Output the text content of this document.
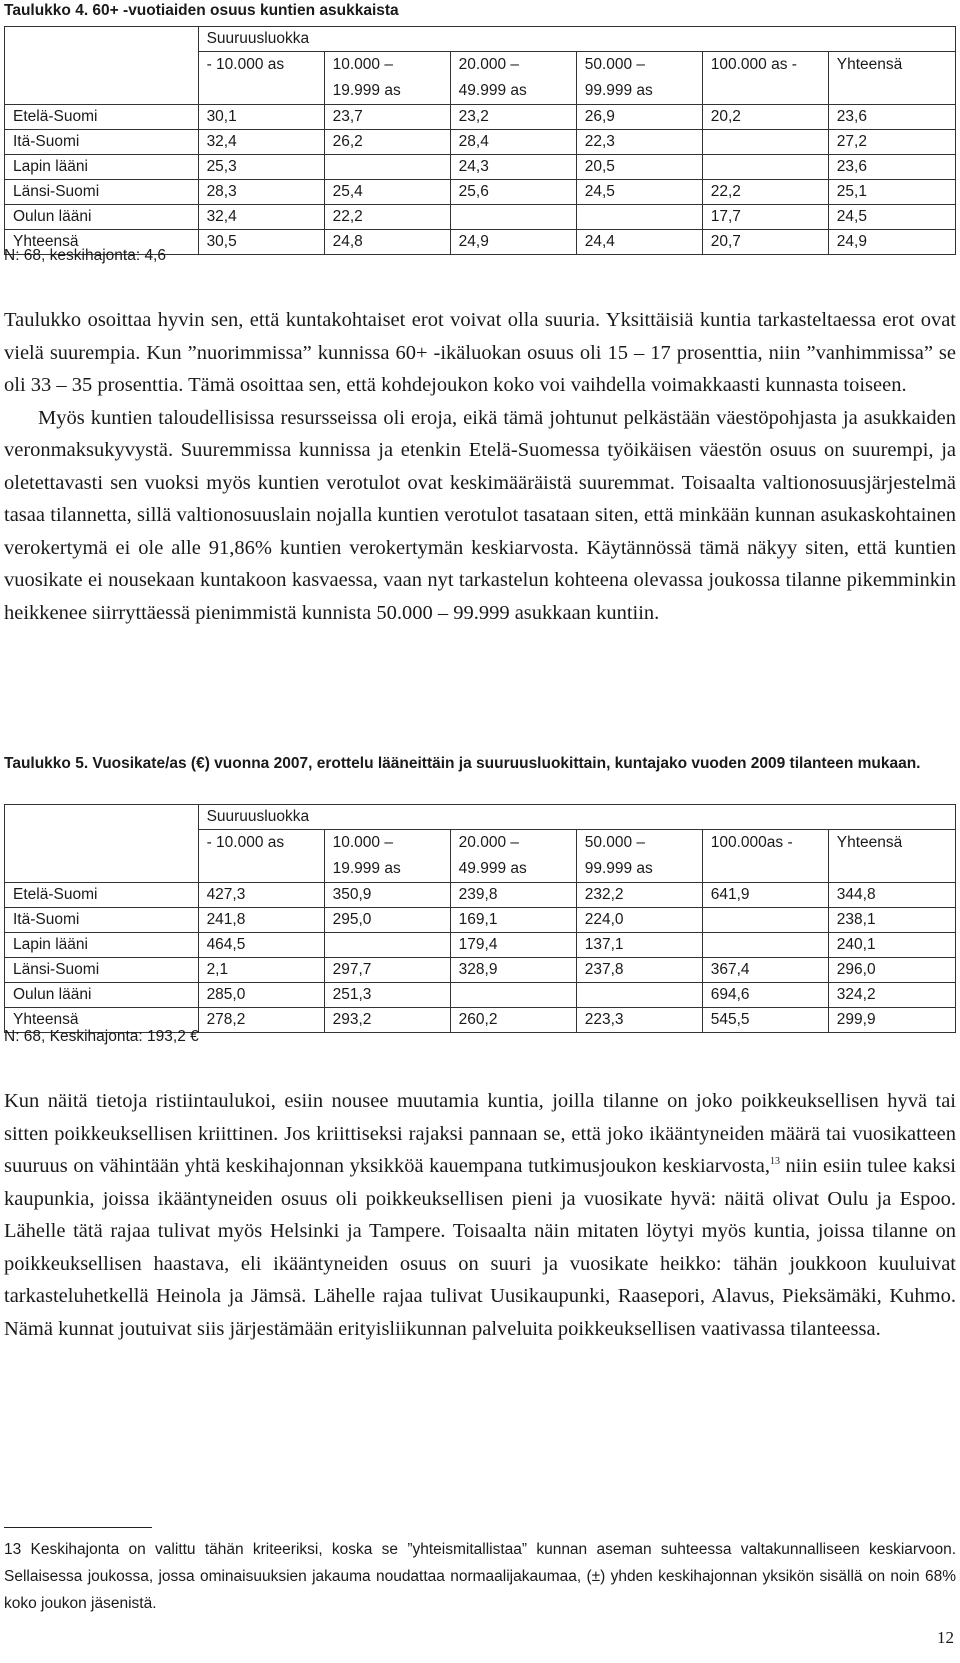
Taulukko 4. 60+ -vuotiaiden osuus kuntien asukkaista
	Suuruusluokka					
	- 10.000 as	10.000 – 19.999 as	20.000 – 49.999 as	50.000 – 99.999 as	100.000 as -	Yhteensä
Etelä-Suomi	30,1	23,7	23,2	26,9	20,2	23,6
Itä-Suomi	32,4	26,2	28,4	22,3		27,2
Lapin lääni	25,3		24,3	20,5		23,6
Länsi-Suomi	28,3	25,4	25,6	24,5	22,2	25,1
Oulun lääni	32,4	22,2			17,7	24,5
Yhteensä	30,5	24,8	24,9	24,4	20,7	24,9
N: 68, keskihajonta: 4,6

Taulukko osoittaa hyvin sen, että kuntakohtaiset erot voivat olla suuria. Yksittäisiä kuntia tarkasteltaessa erot ovat vielä suurempia. Kun ”nuorimmissa” kunnissa 60+ -ikäluokan osuus oli 15 – 17 prosenttia, niin ”vanhimmissa” se oli 33 – 35 prosenttia. Tämä osoittaa sen, että kohdejoukon koko voi vaihdella voimakkaasti kunnasta toiseen.

Myös kuntien taloudellisissa resursseissa oli eroja, eikä tämä johtunut pelkästään väestöpohjasta ja asukkaiden veronmaksukyvystä. Suuremmissa kunnissa ja etenkin Etelä-Suomessa työikäisen väestön osuus on suurempi, ja oletettavasti sen vuoksi myös kuntien verotulot ovat keskimääräistä suuremmat. Toisaalta valtionosuusjärjestelmä tasaa tilannetta, sillä valtionosuuslain nojalla kuntien verotulot tasataan siten, että minkään kunnan asukaskohtainen verokertymä ei ole alle 91,86% kuntien verokertymän keskiarvosta. Käytännössä tämä näkyy siten, että kuntien vuosikate ei nousekaan kuntakoon kasvaessa, vaan nyt tarkastelun kohteena olevassa joukossa tilanne pikemminkin heikkenee siirryttäessä pienimmistä kunnista 50.000 – 99.999 asukkaan kuntiin.

Taulukko 5. Vuosikate/as (€) vuonna 2007, erottelu lääneittäin ja suuruusluokittain, kuntajako vuoden 2009 tilanteen mukaan.
	Suuruusluokka					
	- 10.000 as	10.000 – 19.999 as	20.000 – 49.999 as	50.000 – 99.999 as	100.000as -	Yhteensä
Etelä-Suomi	427,3	350,9	239,8	232,2	641,9	344,8
Itä-Suomi	241,8	295,0	169,1	224,0		238,1
Lapin lääni	464,5		179,4	137,1		240,1
Länsi-Suomi	2,1	297,7	328,9	237,8	367,4	296,0
Oulun lääni	285,0	251,3			694,6	324,2
Yhteensä	278,2	293,2	260,2	223,3	545,5	299,9
N: 68, Keskihajonta: 193,2 €

Kun näitä tietoja ristiintaulukoi, esiin nousee muutamia kuntia, joilla tilanne on joko poikkeuksellisen hyvä tai sitten poikkeuksellisen kriittinen. Jos kriittiseksi rajaksi pannaan se, että joko ikääntyneiden määrä tai vuosikatteen suuruus on vähintään yhtä keskihajonnan yksikköä kauempana tutkimusjoukon keskiarvosta,$^{13}$ niin esiin tulee kaksi kaupunkia, joissa ikääntyneiden osuus oli poikkeuksellisen pieni ja vuosikate hyvä: näitä olivat Oulu ja Espoo. Lähelle tätä rajaa tulivat myös Helsinki ja Tampere. Toisaalta näin mitaten löytyi myös kuntia, joissa tilanne on poikkeuksellisen haastava, eli ikääntyneiden osuus on suuri ja vuosikate heikko: tähän joukkoon kuuluivat tarkasteluhetkellä Heinola ja Jämsä. Lähelle rajaa tulivat Uusikaupunki, Raasepori, Alavus, Pieksämäki, Kuhmo. Nämä kunnat joutuivat siis järjestämään erityisliikunnan palveluita poikkeuksellisen vaativassa tilanteessa.

13 Keskihajonta on valittu tähän kriteeriksi, koska se ”yhteismitallistaa” kunnan aseman suhteessa valtakunnalliseen keskiarvoon. Sellaisessa joukossa, jossa ominaisuuksien jakauma noudattaa normaalijakaumaa, (±) yhden keskihajonnan yksikön sisällä on noin 68% koko joukon jäsenistä.
12
